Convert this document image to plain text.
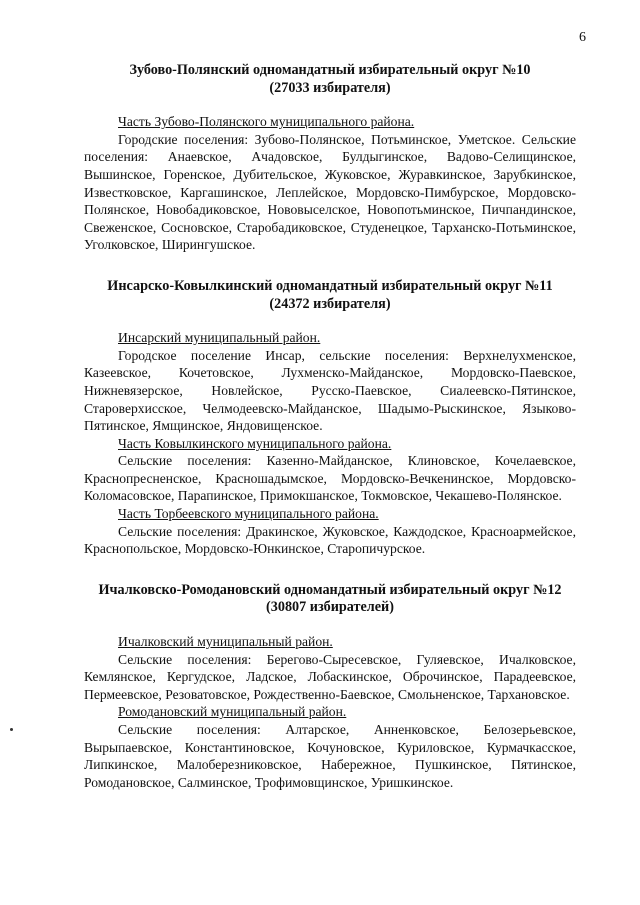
6
Зубово-Полянский одномандатный избирательный округ №10
(27033 избирателя)
Часть Зубово-Полянского муниципального района.

Городские поселения: Зубово-Полянское, Потьминское, Уметское. Сельские поселения: Анаевское, Ачадовское, Булдыгинское, Вадово-Селищинское, Вышинское, Горенское, Дубительское, Жуковское, Журавкинское, Зарубкинское, Известковское, Каргашинское, Леплейское, Мордовско-Пимбурское, Мордовско-Полянское, Новобадиковское, Нововыселское, Новопотьминское, Пичпандинское, Свеженское, Сосновское, Старобадиковское, Студенецкое, Тарханско-Потьминское, Уголковское, Ширингушское.

Инсарско-Ковылкинский одномандатный избирательный округ №11
(24372 избирателя)
Инсарский муниципальный район.

Городское поселение Инсар, сельские поселения: Верхнелухменское, Казеевское, Кочетовское, Лухменско-Майданское, Мордовско-Паевское, Нижневязерское, Новлейское, Русско-Паевское, Сиалеевско-Пятинское, Староверхисское, Челмодеевско-Майданское, Шадымо-Рыскинское, Языково-Пятинское, Ямщинское, Яндовищенское.

Часть Ковылкинского муниципального района.

Сельские поселения: Казенно-Майданское, Клиновское, Кочелаевское, Краснопресненское, Красношадымское, Мордовско-Вечкенинское, Мордовско-Коломасовское, Парапинское, Примокшанское, Токмовское, Чекашево-Полянское.

Часть Торбеевского муниципального района.

Сельские поселения: Дракинское, Жуковское, Каждодское, Красноармейское, Краснопольское, Мордовско-Юнкинское, Старопичурское.

Ичалковско-Ромодановский одномандатный избирательный округ №12
(30807 избирателей)
Ичалковский муниципальный район.

Сельские поселения: Берегово-Сыресевское, Гуляевское, Ичалковское, Кемлянское, Кергудское, Ладское, Лобаскинское, Оброчинское, Парадеевское, Пермеевское, Резоватовское, Рождественно-Баевское, Смольненское, Тархановское.

Ромодановский муниципальный район.

Сельские поселения: Алтарское, Анненковское, Белозерьевское, Вырыпаевское, Константиновское, Кочуновское, Куриловское, Курмачкасское, Липкинское, Малоберезниковское, Набережное, Пушкинское, Пятинское, Ромодановское, Салминское, Трофимовщинское, Уришкинское.
